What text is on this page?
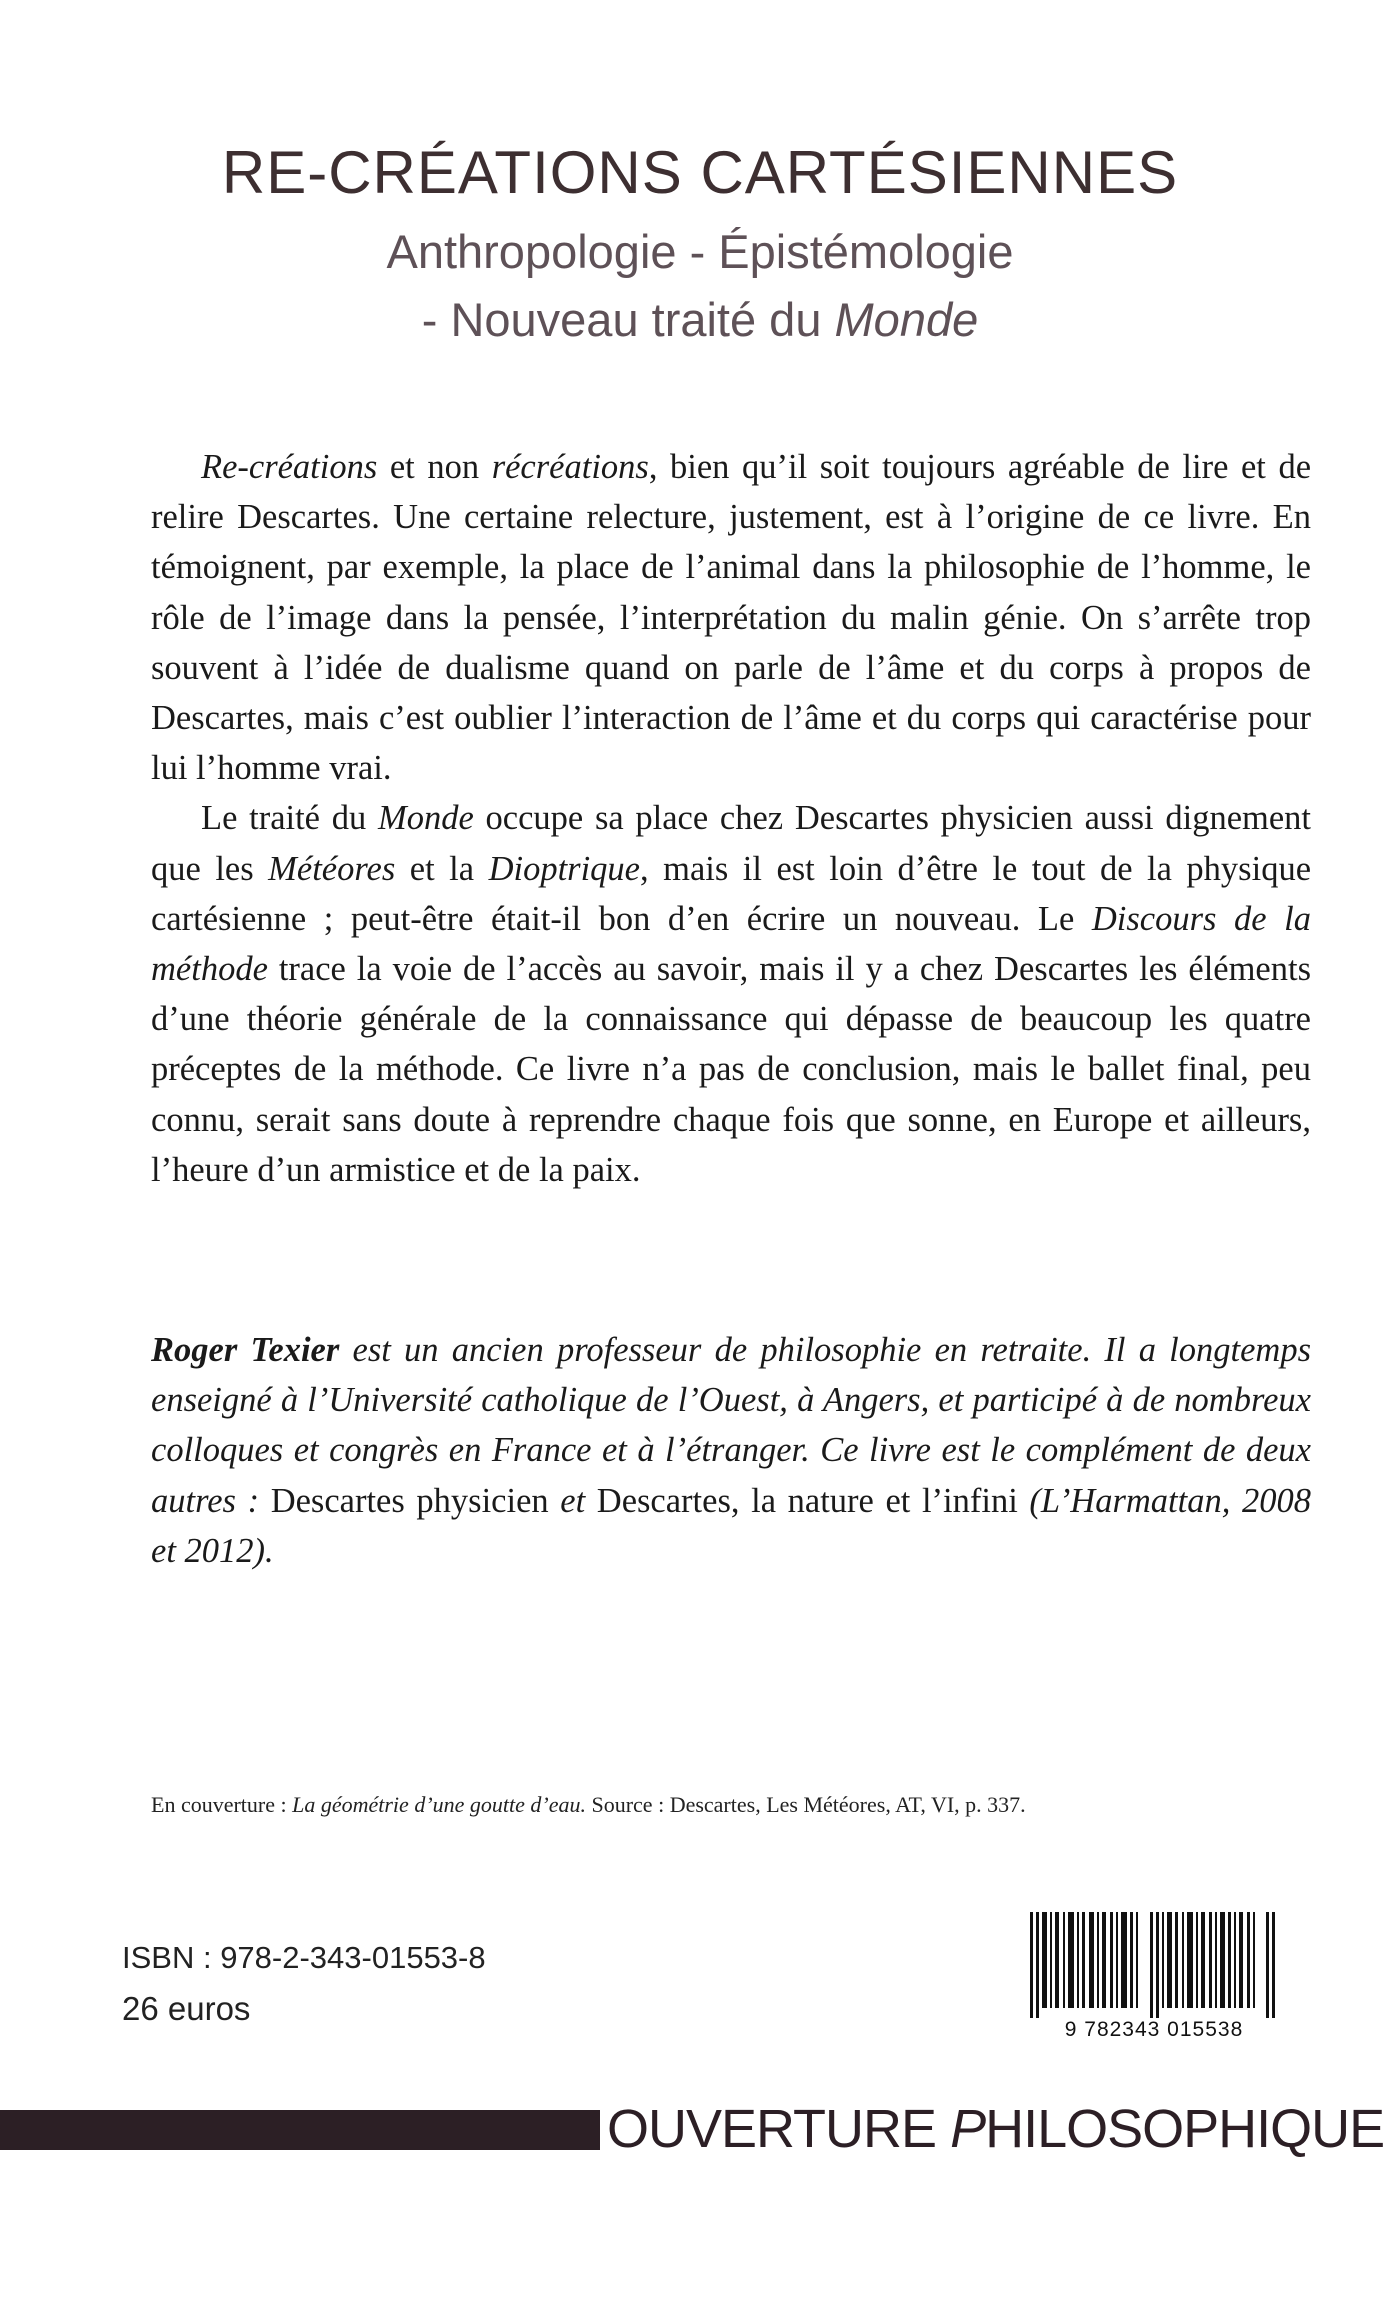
RE-CRÉATIONS CARTÉSIENNES
Anthropologie - Épistémologie
- Nouveau traité du Monde

Re-créations et non récréations, bien qu’il soit toujours agréable de lire et de relire Descartes. Une certaine relecture, justement, est à l’origine de ce livre. En témoignent, par exemple, la place de l’animal dans la philosophie de l’homme, le rôle de l’image dans la pensée, l’interprétation du malin génie. On s’arrête trop souvent à l’idée de dualisme quand on parle de l’âme et du corps à propos de Descartes, mais c’est oublier l’interaction de l’âme et du corps qui caractérise pour lui l’homme vrai.

Le traité du Monde occupe sa place chez Descartes physicien aussi dignement que les Météores et la Dioptrique, mais il est loin d’être le tout de la physique cartésienne ; peut-être était-il bon d’en écrire un nouveau. Le Discours de la méthode trace la voie de l’accès au savoir, mais il y a chez Descartes les éléments d’une théorie générale de la connaissance qui dépasse de beaucoup les quatre préceptes de la méthode. Ce livre n’a pas de conclusion, mais le ballet final, peu connu, serait sans doute à reprendre chaque fois que sonne, en Europe et ailleurs, l’heure d’un armistice et de la paix.

Roger Texier est un ancien professeur de philosophie en retraite. Il a longtemps enseigné à l’Université catholique de l’Ouest, à Angers, et participé à de nombreux colloques et congrès en France et à l’étranger. Ce livre est le complément de deux autres : Descartes physicien et Descartes, la nature et l’infini (L’Harmattan, 2008 et 2012).
En couverture : La géométrie d’une goutte d’eau. Source : Descartes, Les Météores, AT, VI, p. 337.
ISBN : 978-2-343-01553-8
26 euros
9 782343 015538
OUVERTURE PHILOSOPHIQUE
